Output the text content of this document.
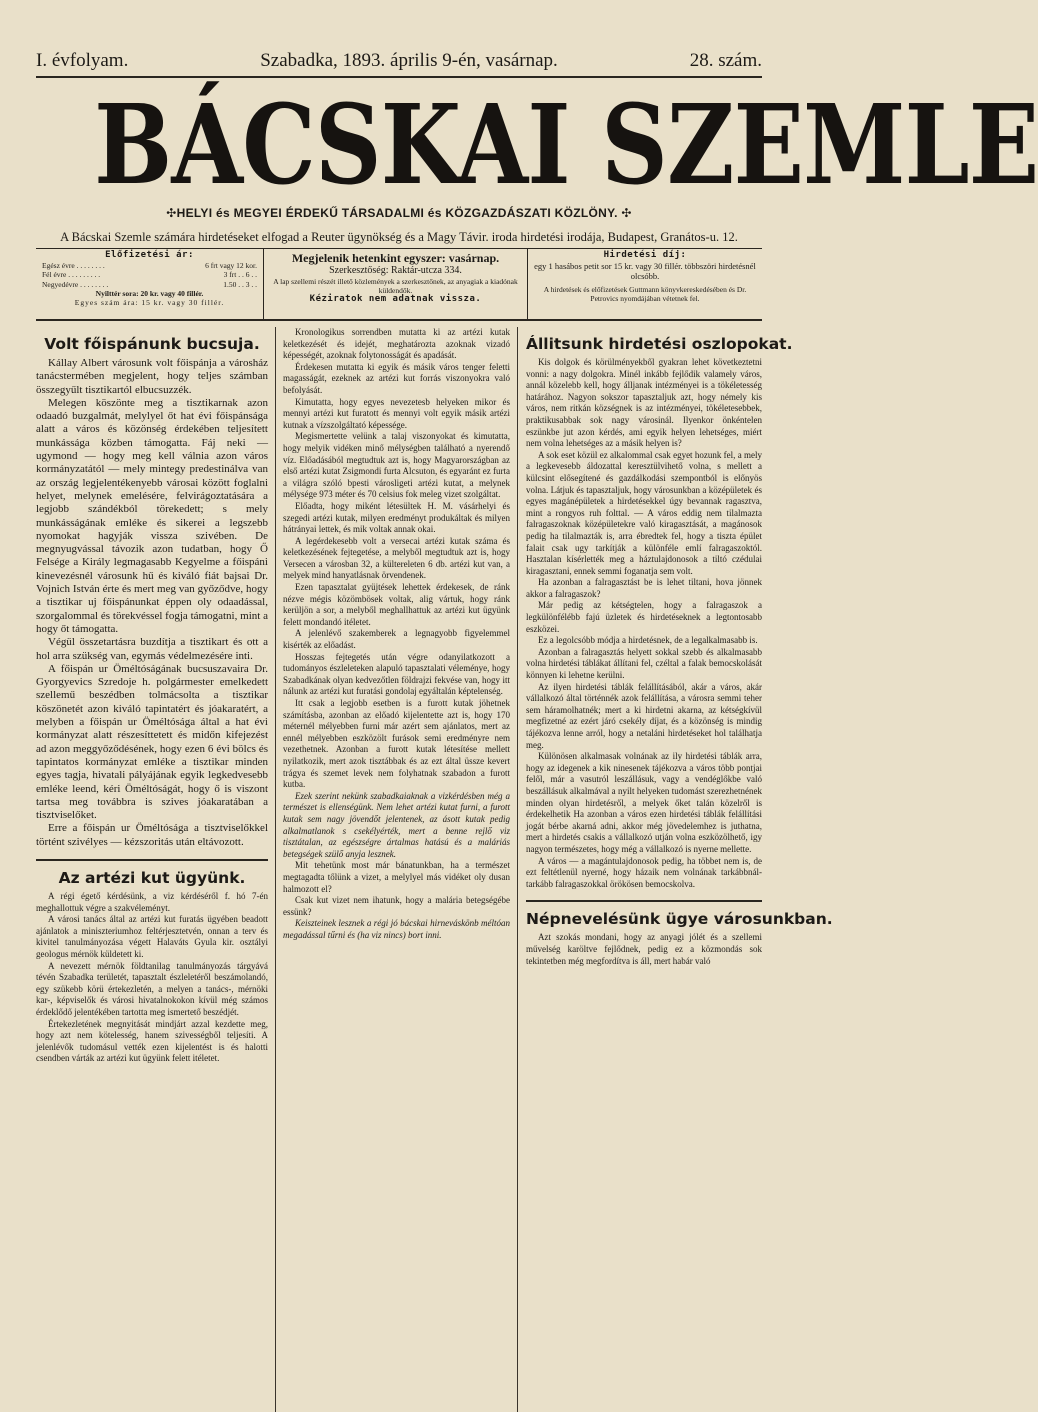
I. évfolyam.	Szabadka, 1893. április 9-én, vasárnap.	28. szám.
BÁCSKAI SZEMLE
✣HELYI és MEGYEI ÉRDEKŰ TÁRSADALMI és KÖZGAZDÁSZATI KÖZLÖNY. ✣
A Bácskai Szemle számára hirdetéseket elfogad a Reuter ügynökség és a Magy Távir. iroda hirdetési irodája, Budapest, Granátos-u. 12.
Előfizetési ár:
Egész évre . . . . . . . .	6 frt vagy 12 kor.
Fél évre . . . . . . . . .	3 frt . . 6 . .
Negyedévre . . . . . . . .	1.50 . . 3 . .
Nyilttér sora: 20 kr. vagy 40 fillér.
Egyes szám ára: 15 kr. vagy 30 fillér.
Megjelenik hetenkint egyszer: vasárnap.
Szerkesztőség: Raktár-utcza 334.
A lap szellemi részét illető közlemények a szerkesztőnek, az anyagiak a kiadónak küldendők.
Kéziratok nem adatnak vissza.
Hirdetési díj:
egy 1 hasábos petit sor 15 kr. vagy 30 fillér. többszöri hirdetésnél olcsóbb.
A hirdetések és előfizetések Guttmann könyvkereskedésében és Dr. Petrovics nyomdájában vétetnek fel.
Volt főispánunk bucsuja.

Kállay Albert városunk volt főispánja a városház tanácstermében megjelent, hogy teljes számban összegyűlt tisztikartól elbucsuzzék.

Melegen köszönte meg a tisztikarnak azon odaadó buzgalmát, melylyel őt hat évi főispánsága alatt a város és közönség érdekében teljesített munkásságа közben támogatta. Fáj neki — ugymond — hogy meg kell válnia azon város kormányzatától — mely mintegy predestinálva van az ország legjelentékenyebb városai között foglalni helyet, melynek emelésére, felvirágoztatására a legjobb szándékból törekedett; s mely munkásságának emléke és sikerei a legszebb nyomokat hagyják vissza szivében. De megnyugvással távozik azon tudatban, hogy Ő Felsége a Király legmagasabb Kegyelme a főispáni kinevezésnél városunk hű és kiváló fiát bajsai Dr. Vojnich István érte és mert meg van győződve, hogy a tisztikar uj főispánunkat éppen oly odaadással, szorgalommal és törekvéssel fogja támogatni, mint a hogy őt támogatta.

Végül összetartásra buzdítja a tisztikart és ott a hol arra szükség van, egymás védelmezésére inti.

A főispán ur Öméltóságának bucsuszavaira Dr. Gyorgyevics Szredoje h. polgármester emelkedett szellemű beszédben tolmácsolta a tisztikar köszönetét azon kiváló tapintatért és jóakaratért, a melyben a főispán ur Öméltósága által a hat évi kormányzat alatt részesíttetett és midőn kifejezést ad azon meggyőződésének, hogy ezen 6 évi bölcs és tapintatos kormányzat emléke a tisztikar minden egyes tagja, hivatali pályájának egyik legkedvesebb emléke leend, kéri Öméltóságát, hogy ő is viszont tartsa meg továbbra is szives jóakaratában a tisztviselőket.

Erre a főispán ur Öméltósága a tisztviselőkkel történt szivélyes — kézszoritás után eltávozott.

Az artézi kut ügyünk.

A régi égető kérdésünk, a viz kérdéséről f. hó 7-én meghallottuk végre a szakvéleményt.

A városi tanács által az artézi kut furatás ügyében beadott ajánlatok a miniszteriumhoz feltérjesztetvén, onnan a terv és kivitel tanulmányozása végett Halaváts Gyula kir. osztályi geologus mérnök küldetett ki.

A nevezett mérnök földtanilag tanulmányozás tárgyává tévén Szabadka területét, tapasztalt észleletéről beszámolandó, egy szükebb körü értekezletén, a melyen a tanács-, mérnöki kar-, képviselők és városi hivatalnokokon kívül még számos érdeklődő jelentékében tartotta meg ismertető beszédjét.

Értekezletének megnyitását mindjárt azzal kezdette meg, hogy azt nem kötelesség, hanem szivességből teljesíti. A jelenlévők tudomásul vették ezen kijelentést is és halotti csendben várták az artézi kut ügyünk felett itéletet.

Kronologikus sorrendben mutatta ki az artézi kutak keletkezését és idejét, meghatározta azoknak vizadó képességét, azoknak folytonosságát és apadását.

Érdekesen mutatta ki egyik és másik város tenger feletti magasságát, ezeknek az artézi kut forrás viszonyokra való befolyását.

Kimutatta, hogy egyes nevezetesb helyeken mikor és mennyi artézi kut furatott és mennyi volt egyik másik artézi kutnak a vízszolgáltató képessége.

Megismertette velünk a talaj viszonyokat és kimutatta, hogy melyik vidéken minő mélységben található a nyerendő víz. Előadásából megtudtuk azt is, hogy Magyarországban az első artézi kutat Zsigmondi furta Alcsuton, és egyaránt ez furta a világra szóló bpesti városligeti artézi kutat, a melynek mélysége 973 méter és 70 celsius fok meleg vizet szolgáltat.

Előadta, hogy miként létesültek H. M. vásárhelyi és szegedi artézi kutak, milyen eredményt produkáltak és milyen hátrányai lettek, és mik voltak annak okai.

A legérdekesebb volt a versecai artézi kutak száma és keletkezésének fejtegetése, a melyből megtudtuk azt is, hogy Versecen a városban 32, a kültereleten 6 db. artézi kut van, a melyek mind hanyatlásnak örvendenek.

Ezen tapasztalat gyüjtések lehettek érdekesek, de ránk nézve mégis közömbösek voltak, alig vártuk, hogy ránk kerüljön a sor, a melyből meghallhattuk az artézi kut ügyünk felett mondandó itéletet.

A jelenlévő szakemberek a legnagyobb figyelemmel kisérték az előadást.

Hosszas fejtegetés után végre odanyilatkozott a tudományos észleleteken alapuló tapasztalati véleménye, hogy Szabadkának olyan kedvezőtlen földrajzi fekvése van, hogy itt nálunk az artézi kut furatási gondolaj egyáltalán képtelenség.

Itt csak a legjobb esetben is a furott kutak jöhetnek számításba, azonban az előadó kijelentette azt is, hogy 170 méternél mélyebben furni már azért sem ajánlatos, mert az ennél mélyebben eszközölt furások semi eredményre nem vezethetnek. Azonban a furott kutak létesítése mellett nyilatkozik, mert azok tisztábbak és az ezt által üssze kevert trágya és szemet levek nem folyhatnak szabadon a furott kutba.

Ezek szerint nekünk szabadkaiaknak a vizkérdésben még a természet is ellenségünk. Nem lehet artézi kutat furni, a furott kutak sem nagy jövendőt jelentenek, az ásott kutak pedig alkalmatlanok s csekélyérték, mert a benne rejlő viz tisztátalan, az egészségre ártalmas hatású és a maláriás betegségek szülő anyja lesznek.

Mit tehetünk most már bánatunkban, ha a természet megtagadta tőlünk a vizet, a melylyel más vidéket oly dusan halmozott el?

Csak kut vizet nem ihatunk, hogy a malária betegségébe essünk?

Keiszteinek lesznek a régi jó bácskai hirneváskönb méltóan megadással tűrni és (ha viz nincs) bort inni.

Állitsunk hirdetési oszlopokat.

Kis dolgok és körülményekből gyakran lehet következtetni vonni: a nagy dolgokra. Minél inkább fejlődik valamely város, annál közelebb kell, hogy álljanak intézményei is a tökéletesség határához. Nagyon sokszor tapasztaljuk azt, hogy némely kis város, nem ritkán községnek is az intézményei, tökéletesebbek, praktikusabbak sok nagy városinál. Ilyenkor önkéntelen eszünkbe jut azon kérdés, ami egyik helyen lehetséges, miért nem volna lehetséges az a másik helyen is?

A sok eset közül ez alkalommal csak egyet hozunk fel, a mely a legkevesebb áldozattal keresztülvihető volna, s mellett a külcsint elősegítené és gazdálkodási szempontból is előnyös volna. Látjuk és tapasztaljuk, hogy városunkban a középületek és egyes magánépületek a hirdetésekkel úgy bevannak ragasztva, mint a rongyos ruh folttal. — A város eddig nem tilalmazta falragaszoknak középületekre való kiragasztását, a magánosok pedig ha tilalmazták is, arra ébredtek fel, hogy a tiszta épület falait csak ugy tarkítják a különféle emlí falragaszoktól. Hasztalan kísérlették meg a háztulajdonosok a tiltó czédulai kiragasztani, ennek semmi foganatja sem volt.

Ha azonban a falragasztást be is lehet tiltani, hova jönnek akkor a falragaszok?

Már pedig az kétségtelen, hogy a falragaszok a legkülönfélébb fajú üzletek és hirdetéseknek a legtontosabb eszközei.

Ez a legolcsóbb módja a hirdetésnek, de a legalkalmasabb is.

Azonban a falragasztás helyett sokkal szebb és alkalmasabb volna hirdetési táblákat állítani fel, czéltal a falak bemocskolását könnyen ki lehetne kerülni.

Az ilyen hirdetési táblák felállításából, akár a város, akár vállalkozó által történnék azok felállítása, a városra semmi teher sem háramolhatnék; mert a ki hirdetni akarna, az kétségkívül megfizetné az ezért járó csekély díjat, és a közönség is mindig tájékozva lenne arról, hogy a netaláni hirdetéseket hol találhatja meg.

Különösen alkalmasak volnának az ily hirdetési táblák arra, hogy az idegenek a kik ninesenek tájékozva a város több pontjai felől, már a vasutról leszállásuk, vagy a vendéglőkbe való beszállásuk alkalmával a nyilt helyeken tudomást szerezhetnének minden olyan hirdetésről, a melyek őket talán közelről is érdekelhetik Ha azonban a város ezen hirdetési táblák felállítási jogát bérbe akarná adni, akkor még jövedelemhez is juthatna, mert a hirdetés csakis a vállalkozó utján volna eszközölhető, igy nagyon természetes, hogy még a vállalkozó is nyerne mellette.

A város — a magántulajdonosok pedig, ha többet nem is, de ezt feltétlenül nyerné, hogy házaik nem volnának tarkábbnál-tarkább falragaszokkal örökösen bemocskolva.

Népnevelésünk ügye városunkban.

Azt szokás mondani, hogy az anyagi jólét és a szellemi művelség karöltve fejlődnek, pedig ez a közmondás sok tekintetben még megfordítva is áll, mert habár való
